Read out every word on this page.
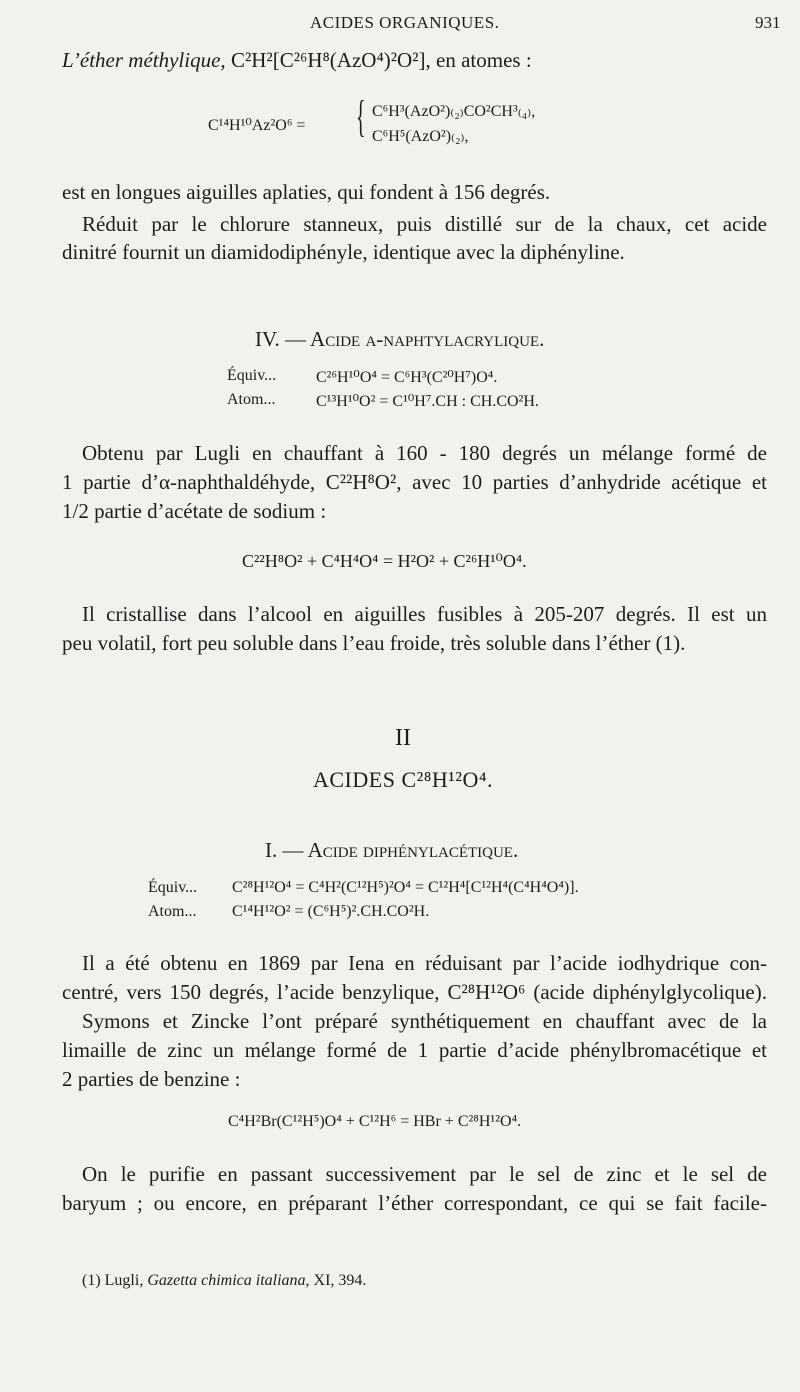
ACIDES ORGANIQUES.	931
L’éther méthylique, C²H²[C²⁶H⁸(AzO⁴)²O²], en atomes :
C¹⁴H¹⁰Az²O⁶ = { C⁶H³(AzO²)₍₂₎CO²CH³₍₄₎,
C⁶H⁵(AzO²)₍₂₎,
est en longues aiguilles aplaties, qui fondent à 156 degrés.
Réduit par le chlorure stanneux, puis distillé sur de la chaux, cet acide
dinitré fournit un diamidodiphényle, identique avec la diphényline.
IV. — Acide α-naphtylacrylique.
Équiv... C²⁶H¹⁰O⁴ = C⁶H³(C²⁰H⁷)O⁴.
Atom...	C¹³H¹⁰O² = C¹⁰H⁷.CH : CH.CO²H.
Obtenu par Lugli en chauffant à 160 - 180 degrés un mélange formé de
1 partie d’α-naphthaldéhyde, C²²H⁸O², avec 10 parties d’anhydride acétique et
1/2 partie d’acétate de sodium :
C²²H⁸O² + C⁴H⁴O⁴ = H²O² + C²⁶H¹⁰O⁴.
Il cristallise dans l’alcool en aiguilles fusibles à 205-207 degrés. Il est un
peu volatil, fort peu soluble dans l’eau froide, très soluble dans l’éther (1).
II
ACIDES C²⁸H¹²O⁴.
I. — Acide diphénylacétique.
Équiv... C²⁸H¹²O⁴ = C⁴H²(C¹²H⁵)²O⁴ = C¹²H⁴[C¹²H⁴(C⁴H⁴O⁴)].
Atom... C¹⁴H¹²O² = (C⁶H⁵)².CH.CO²H.
Il a été obtenu en 1869 par Iena en réduisant par l’acide iodhydrique con-
centré, vers 150 degrés, l’acide benzylique, C²⁸H¹²O⁶ (acide diphénylglycolique).
Symons et Zincke l’ont préparé synthétiquement en chauffant avec de la
limaille de zinc un mélange formé de 1 partie d’acide phénylbromacétique et
2 parties de benzine :
C⁴H²Br(C¹²H⁵)O⁴ + C¹²H⁶ = HBr + C²⁸H¹²O⁴.
On le purifie en passant successivement par le sel de zinc et le sel de
baryum ; ou encore, en préparant l’éther correspondant, ce qui se fait facile-
(1) Lugli, Gazetta chimica italiana, XI, 394.
